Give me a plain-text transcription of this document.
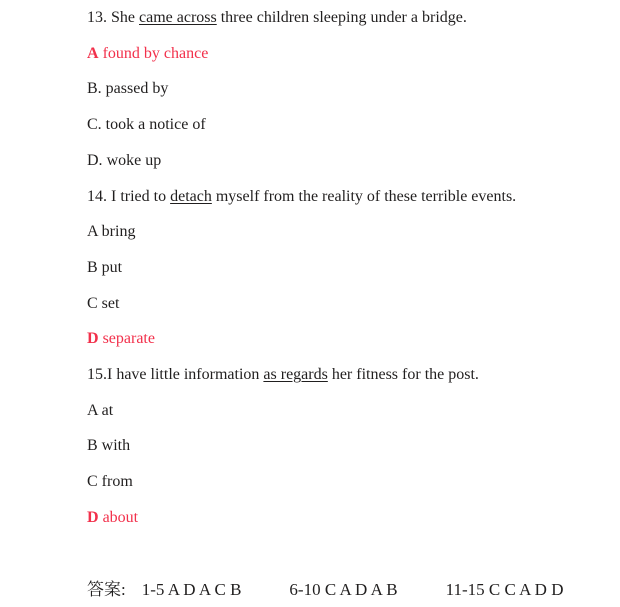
13. She came across three children sleeping under a bridge.

A found by chance

B. passed by

C. took a notice of

D. woke up

14. I tried to detach myself from the reality of these terrible events.

A bring

B put

C set

D separate

15.I have little information as regards her fitness for the post.

A at

B with

C from

D about

答案: 1-5 A D A C B	6-10 C A D A B	11-15 C C A D D
